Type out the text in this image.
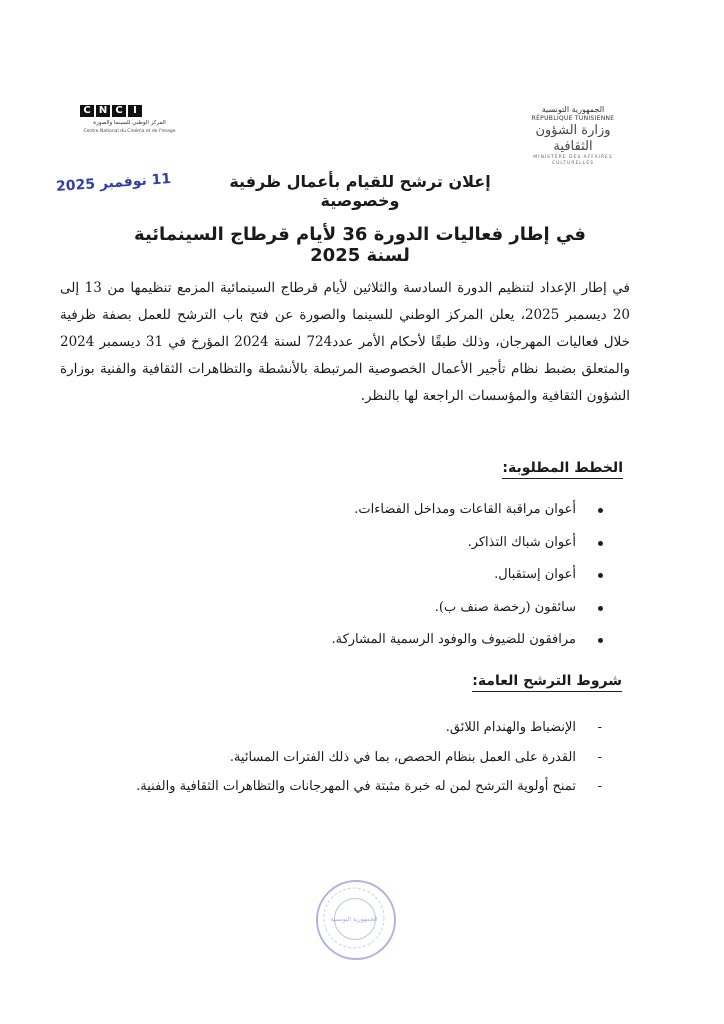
C N C	I
المركز الوطني للسينما والصورة
Centre National du Cinéma et de l'Image
الجمهورية التونسية
RÉPUBLIQUE TUNISIENNE
وزارة الشؤون الثقافية
MINISTÈRE DES AFFAIRES CULTURELLES
11 نوفمبر 2025	إعلان ترشح للقيام بأعمال ظرفية وخصوصية
في إطار فعاليات الدورة 36 لأيام قرطاج السينمائية لسنة 2025

في إطار الإعداد لتنظيم الدورة السادسة والثلاثين لأيام قرطاج السينمائية المزمع تنظيمها من 13 إلى 20 ديسمبر 2025، يعلن المركز الوطني للسينما والصورة عن فتح باب الترشح للعمل بصفة ظرفية خلال فعاليات المهرجان، وذلك طبقًا لأحكام الأمر عدد724 لسنة 2024 المؤرخ في 31 ديسمبر 2024 والمتعلق بضبط نظام تأجير الأعمال الخصوصية المرتبطة بالأنشطة والتظاهرات الثقافية والفنية بوزارة الشؤون الثقافية والمؤسسات الراجعة لها بالنظر.

الخطط المطلوبة:
أعوان مراقبة القاعات ومداخل الفضاءات.
أعوان شباك التذاكر.
أعوان إستقبال.
سائقون (رخصة صنف ب).
مرافقون للضيوف والوفود الرسمية المشاركة.
شروط الترشح العامة:
- الإنضباط والهندام اللائق.
- القدرة على العمل بنظام الحصص، بما في ذلك الفترات المسائية.
- تمنح أولوية الترشح لمن له خبرة مثبتة في المهرجانات والتظاهرات الثقافية والفنية.
الجمهورية التونسية
